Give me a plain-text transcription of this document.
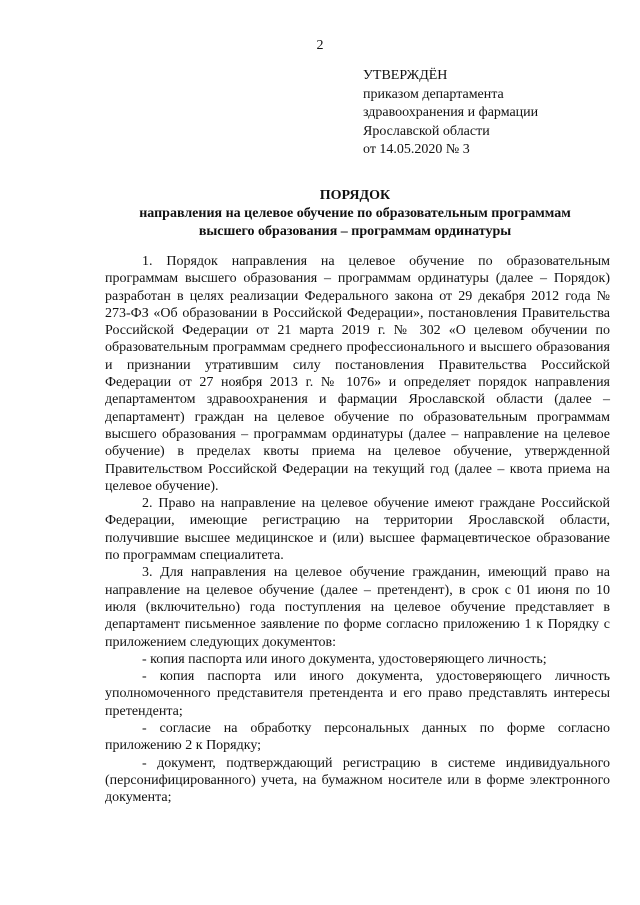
2
УТВЕРЖДЁН
приказом департамента
здравоохранения и фармации
Ярославской области
от 14.05.2020 № 3
ПОРЯДОК
направления на целевое обучение по образовательным программам
высшего образования – программам ординатуры

1. Порядок направления на целевое обучение по образовательным программам высшего образования – программам ординатуры (далее – Порядок) разработан в целях реализации Федерального закона от 29 декабря 2012 года № 273-ФЗ «Об образовании в Российской Федерации», постановления Правительства Российской Федерации от 21 марта 2019 г. № 302 «О целевом обучении по образовательным программам среднего профессионального и высшего образования и признании утратившим силу постановления Правительства Российской Федерации от 27 ноября 2013 г. № 1076» и определяет порядок направления департаментом здравоохранения и фармации Ярославской области (далее – департамент) граждан на целевое обучение по образовательным программам высшего образования – программам ординатуры (далее – направление на целевое обучение) в пределах квоты приема на целевое обучение, утвержденной Правительством Российской Федерации на текущий год (далее – квота приема на целевое обучение).

2. Право на направление на целевое обучение имеют граждане Российской Федерации, имеющие регистрацию на территории Ярославской области, получившие высшее медицинское и (или) высшее фармацевтическое образование по программам специалитета.

3. Для направления на целевое обучение гражданин, имеющий право на направление на целевое обучение (далее – претендент), в срок с 01 июня по 10 июля (включительно) года поступления на целевое обучение представляет в департамент письменное заявление по форме согласно приложению 1 к Порядку с приложением следующих документов:

- копия паспорта или иного документа, удостоверяющего личность;

- копия паспорта или иного документа, удостоверяющего личность уполномоченного представителя претендента и его право представлять интересы претендента;

- согласие на обработку персональных данных по форме согласно приложению 2 к Порядку;

- документ, подтверждающий регистрацию в системе индивидуального (персонифицированного) учета, на бумажном носителе или в форме электронного документа;
